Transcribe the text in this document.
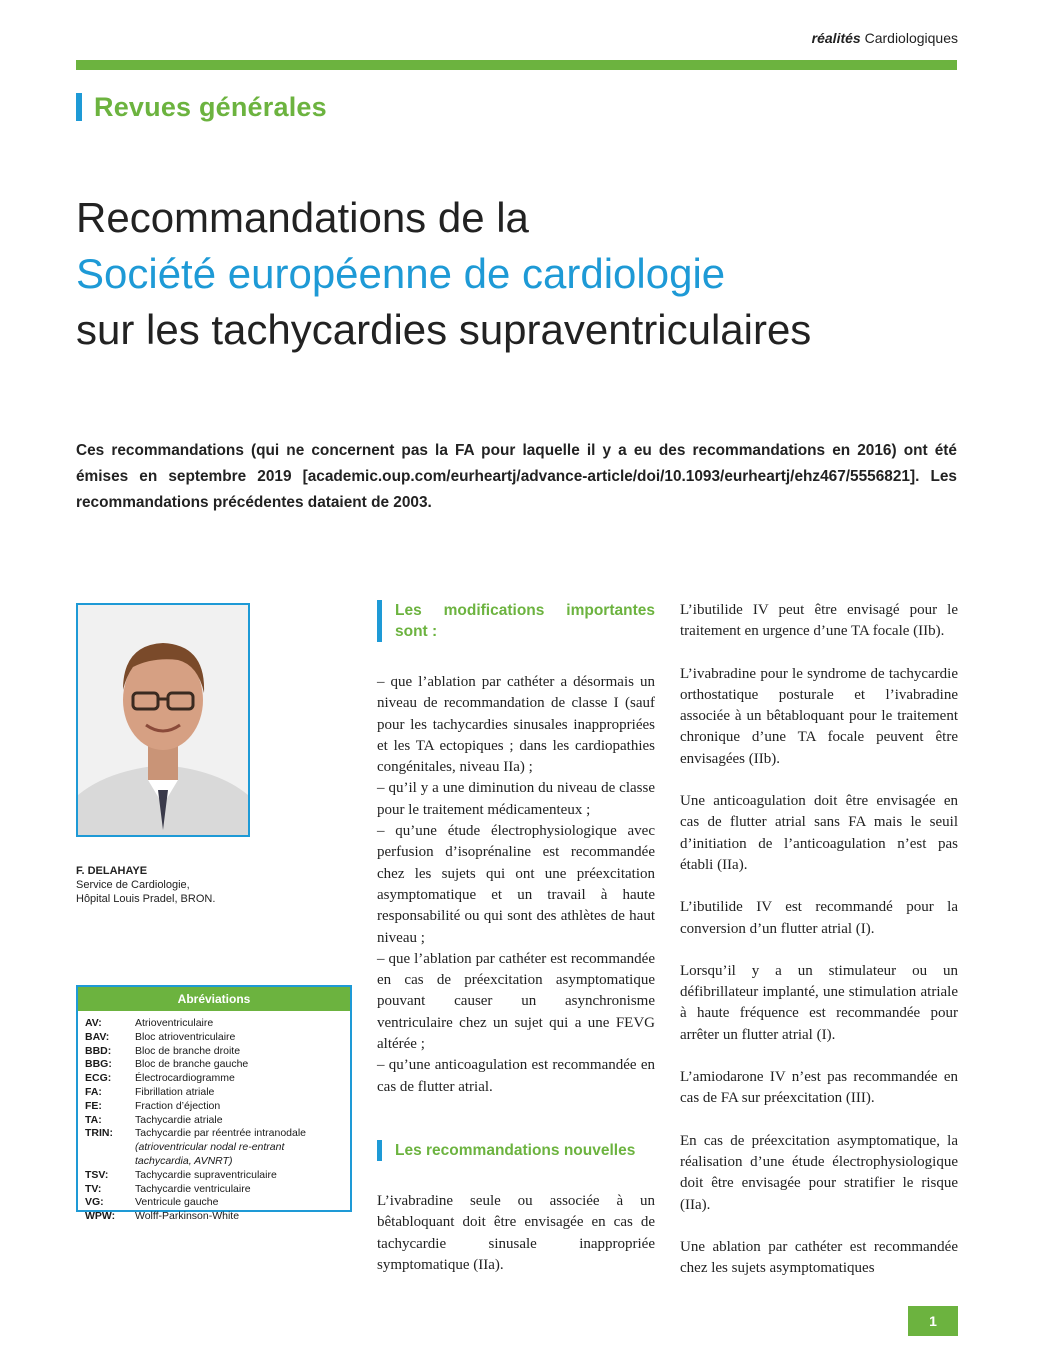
réalités Cardiologiques
Revues générales
Recommandations de la
Société européenne de cardiologie
sur les tachycardies supraventriculaires
Ces recommandations (qui ne concernent pas la FA pour laquelle il y a eu des recommandations en 2016) ont été émises en septembre 2019 [academic.oup.com/eurheartj/advance-article/doi/10.1093/eurheartj/ehz467/5556821]. Les recommandations précédentes dataient de 2003.
F. DELAHAYE
Service de Cardiologie,
Hôpital Louis Pradel, BRON.
Abréviations
AV:	Atrioventriculaire
BAV:	Bloc atrioventriculaire
BBD:	Bloc de branche droite
BBG:	Bloc de branche gauche
ECG:	Électrocardiogramme
FA:	Fibrillation atriale
FE:	Fraction d’éjection
TA:	Tachycardie atriale
TRIN:	Tachycardie par réentrée intranodale
(atrioventricular nodal re-entrant
tachycardia, AVNRT)
TSV:	Tachycardie supraventriculaire
TV:	Tachycardie ventriculaire
VG:	Ventricule gauche
WPW:	Wolff-Parkinson-White
Les modifications importantes sont :
– que l’ablation par cathéter a désormais un niveau de recommandation de classe I (sauf pour les tachycardies sinusales inappropriées et les TA ectopiques ; dans les cardiopathies congénitales, niveau IIa) ;
– qu’il y a une diminution du niveau de classe pour le traitement médicamenteux ;
– qu’une étude électrophysiologique avec perfusion d’isoprénaline est recommandée chez les sujets qui ont une préexcitation asymptomatique et un travail à haute responsabilité ou qui sont des athlètes de haut niveau ;
– que l’ablation par cathéter est recommandée en cas de préexcitation asymptomatique pouvant causer un asynchronisme ventriculaire chez un sujet qui a une FEVG altérée ;
– qu’une anticoagulation est recommandée en cas de flutter atrial.
Les recommandations nouvelles

L’ivabradine seule ou associée à un bêtabloquant doit être envisagée en cas de tachycardie sinusale inappropriée symptomatique (IIa).

L’ibutilide IV peut être envisagé pour le traitement en urgence d’une TA focale (IIb).

L’ivabradine pour le syndrome de tachycardie orthostatique posturale et l’ivabradine associée à un bêtabloquant pour le traitement chronique d’une TA focale peuvent être envisagées (IIb).

Une anticoagulation doit être envisagée en cas de flutter atrial sans FA mais le seuil d’initiation de l’anticoagulation n’est pas établi (IIa).

L’ibutilide IV est recommandé pour la conversion d’un flutter atrial (I).

Lorsqu’il y a un stimulateur ou un défibrillateur implanté, une stimulation atriale à haute fréquence est recommandée pour arrêter un flutter atrial (I).

L’amiodarone IV n’est pas recommandée en cas de FA sur préexcitation (III).

En cas de préexcitation asymptomatique, la réalisation d’une étude électrophysiologique doit être envisagée pour stratifier le risque (IIa).

Une ablation par cathéter est recommandée chez les sujets asymptomatiques

1
